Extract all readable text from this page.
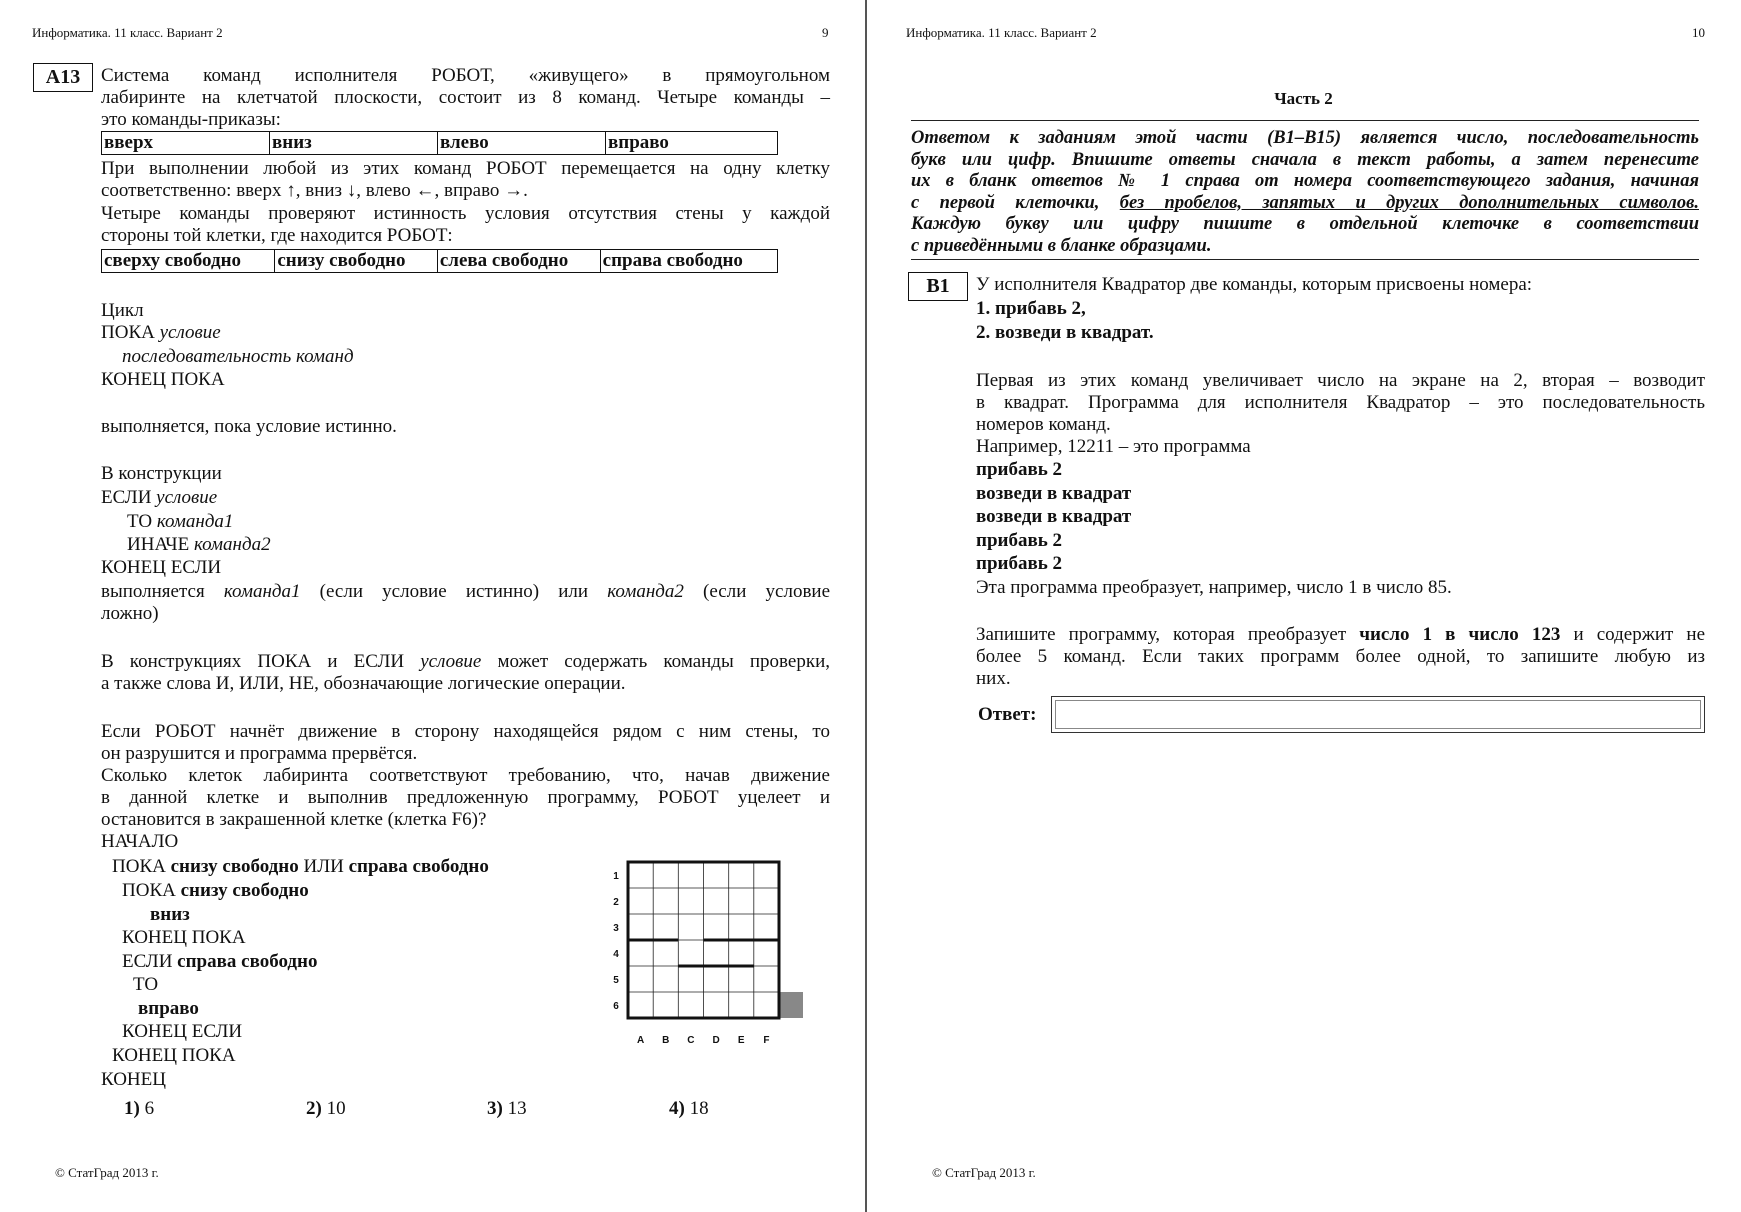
Информатика. 11 класс. Вариант 2	9
А13	Система команд исполнителя РОБОТ, «живущего» в прямоугольном

лабиринте на клетчатой плоскости, состоит из 8 команд. Четыре команды –

это команды-приказы:

вверх	вниз	влево	вправо

При выполнении любой из этих команд РОБОТ перемещается на одну клетку

соответственно: вверх ↑, вниз ↓, влево ←, вправо →.

Четыре команды проверяют истинность условия отсутствия стены у каждой

стороны той клетки, где находится РОБОТ:

сверху свободно	снизу свободно	слева свободно	справа свободно

Цикл

ПОКА условие

последовательность команд

КОНЕЦ ПОКА

выполняется, пока условие истинно.

В конструкции

ЕСЛИ условие

ТО команда1

ИНАЧЕ команда2

КОНЕЦ ЕСЛИ

выполняется команда1 (если условие истинно) или команда2 (если условие

ложно)

В конструкциях ПОКА и ЕСЛИ условие может содержать команды проверки,

а также слова И, ИЛИ, НЕ, обозначающие логические операции.

Если РОБОТ начнёт движение в сторону находящейся рядом с ним стены, то

он разрушится и программа прервётся.

Сколько клеток лабиринта соответствуют требованию, что, начав движение

в данной клетке и выполнив предложенную программу, РОБОТ уцелеет и

остановится в закрашенной клетке (клетка F6)?

НАЧАЛО

ПОКА снизу свободно ИЛИ справа свободно

ПОКА снизу свободно

вниз

КОНЕЦ ПОКА

ЕСЛИ справа свободно

ТО

вправо

КОНЕЦ ЕСЛИ

КОНЕЦ ПОКА

КОНЕЦ

1
2
3
4
5
6
A B C D E F
1) 6	2) 10	3) 13	4) 18
© СтатГрад 2013 г.
Информатика. 11 класс. Вариант 2	10

Часть 2

Ответом к заданиям этой части (В1–В15) является число, последовательность
букв или цифр. Впишите ответы сначала в текст работы, а затем перенесите
их в бланк ответов № 1 справа от номера соответствующего задания, начиная
с первой клеточки, без пробелов, запятых и других дополнительных символов.
Каждую букву или цифру пишите в отдельной клеточке в соответствии
с приведёнными в бланке образцами.
В1	У исполнителя Квадратор две команды, которым присвоены номера:

1. прибавь 2,

2. возведи в квадрат.

Первая из этих команд увеличивает число на экране на 2, вторая – возводит

в квадрат. Программа для исполнителя Квадратор – это последовательность

номеров команд.

Например, 12211 – это программа

прибавь 2

возведи в квадрат

возведи в квадрат

прибавь 2

прибавь 2

Эта программа преобразует, например, число 1 в число 85.

Запишите программу, которая преобразует число 1 в число 123 и содержит не

более 5 команд. Если таких программ более одной, то запишите любую из

них.

Ответ:

© СтатГрад 2013 г.
